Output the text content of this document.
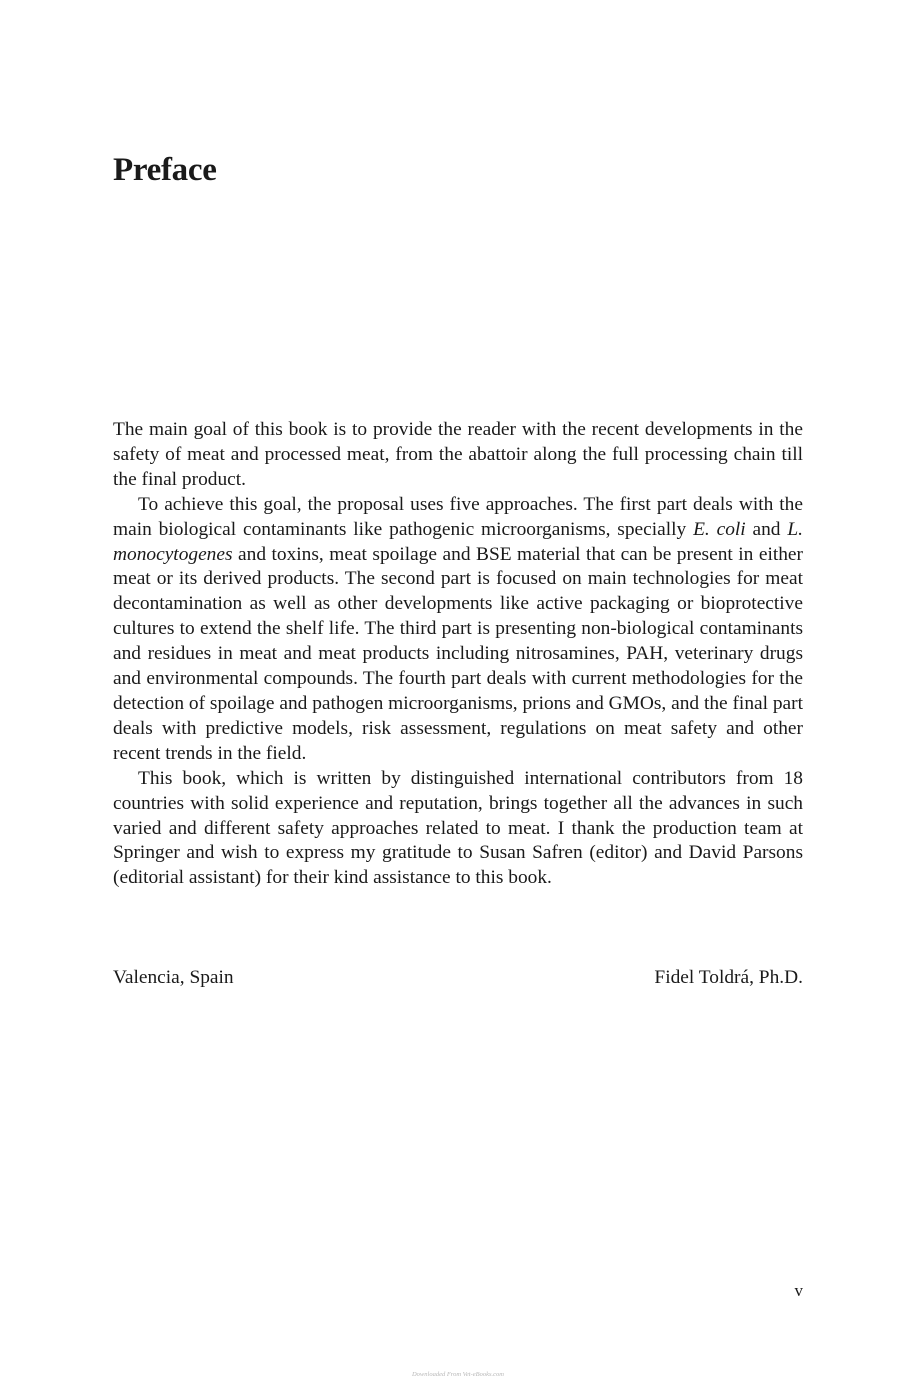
Preface

The main goal of this book is to provide the reader with the recent developments in the safety of meat and processed meat, from the abattoir along the full processing chain till the final product.

To achieve this goal, the proposal uses five approaches. The first part deals with the main biological contaminants like pathogenic microorganisms, specially E. coli and L. monocytogenes and toxins, meat spoilage and BSE material that can be present in either meat or its derived products. The second part is focused on main technologies for meat decontamination as well as other developments like active packaging or bioprotective cultures to extend the shelf life. The third part is presenting non-biological contaminants and residues in meat and meat products including nitrosamines, PAH, veterinary drugs and environmental compounds. The fourth part deals with current methodologies for the detection of spoilage and pathogen microorganisms, prions and GMOs, and the final part deals with predictive models, risk assessment, regulations on meat safety and other recent trends in the field.

This book, which is written by distinguished international contributors from 18 countries with solid experience and reputation, brings together all the advances in such varied and different safety approaches related to meat. I thank the production team at Springer and wish to express my gratitude to Susan Safren (editor) and David Parsons (editorial assistant) for their kind assistance to this book.

Valencia, Spain	Fidel Toldrá, Ph.D.
v
Downloaded From Vet-eBooks.com
